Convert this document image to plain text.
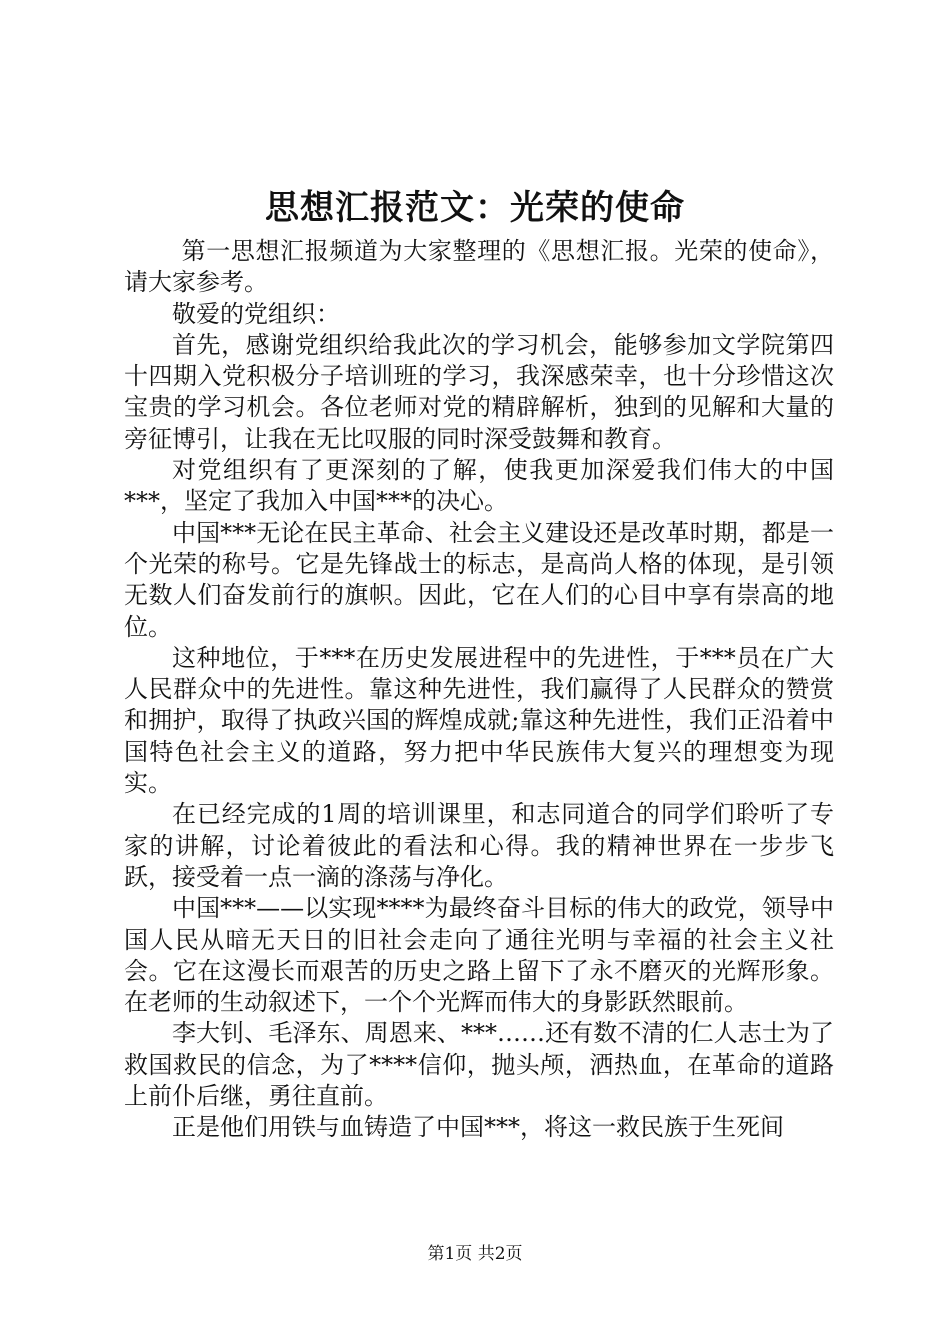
思想汇报范文：光荣的使命

第一思想汇报频道为大家整理的《思想汇报。光荣的使命》，请大家参考。

敬爱的党组织：

首先，感谢党组织给我此次的学习机会，能够参加文学院第四十四期入党积极分子培训班的学习，我深感荣幸，也十分珍惜这次宝贵的学习机会。各位老师对党的精辟解析，独到的见解和大量的旁征博引，让我在无比叹服的同时深受鼓舞和教育。

对党组织有了更深刻的了解，使我更加深爱我们伟大的中国***，坚定了我加入中国***的决心。

中国***无论在民主革命、社会主义建设还是改革时期，都是一个光荣的称号。它是先锋战士的标志，是高尚人格的体现，是引领无数人们奋发前行的旗帜。因此，它在人们的心目中享有崇高的地位。

这种地位，于***在历史发展进程中的先进性，于***员在广大人民群众中的先进性。靠这种先进性，我们赢得了人民群众的赞赏和拥护，取得了执政兴国的辉煌成就;靠这种先进性，我们正沿着中国特色社会主义的道路，努力把中华民族伟大复兴的理想变为现实。

在已经完成的1周的培训课里，和志同道合的同学们聆听了专家的讲解，讨论着彼此的看法和心得。我的精神世界在一步步飞跃，接受着一点一滴的涤荡与净化。

中国***——以实现****为最终奋斗目标的伟大的政党，领导中国人民从暗无天日的旧社会走向了通往光明与幸福的社会主义社会。它在这漫长而艰苦的历史之路上留下了永不磨灭的光辉形象。在老师的生动叙述下，一个个光辉而伟大的身影跃然眼前。

李大钊、毛泽东、周恩来、***……还有数不清的仁人志士为了救国救民的信念，为了****信仰，抛头颅，洒热血，在革命的道路上前仆后继，勇往直前。

正是他们用铁与血铸造了中国***，将这一救民族于生死间

第1页 共2页
